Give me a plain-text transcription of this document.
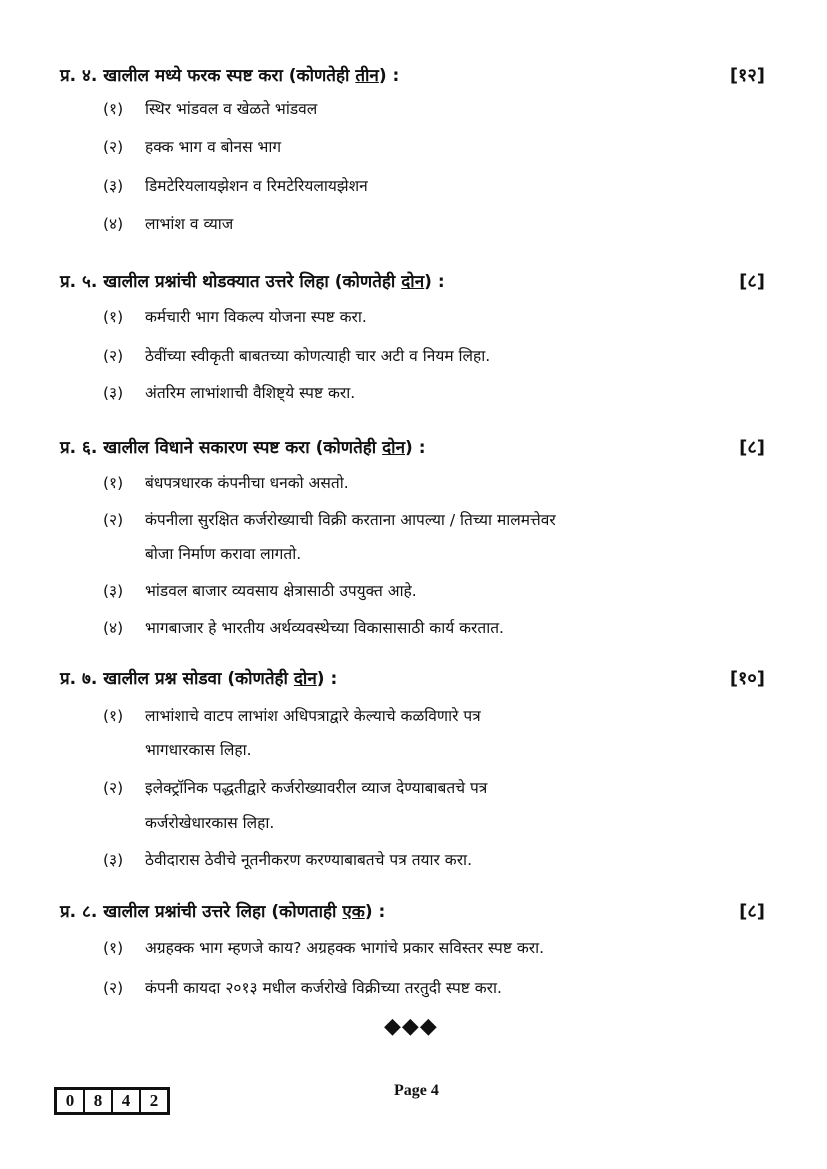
प्र. ४. खालील मध्ये फरक स्पष्ट करा (कोणतेही तीन) :	[१२]
(१)	स्थिर भांडवल व खेळते भांडवल
(२)	हक्क भाग व बोनस भाग
(३)	डिमटेरियलायझेशन व रिमटेरियलायझेशन
(४)	लाभांश व व्याज
प्र. ५. खालील प्रश्नांची थोडक्यात उत्तरे लिहा (कोणतेही दोन) :	[८]
(१)	कर्मचारी भाग विकल्प योजना स्पष्ट करा.
(२)	ठेवींच्या स्वीकृती बाबतच्या कोणत्याही चार अटी व नियम लिहा.
(३)	अंतरिम लाभांशाची वैशिष्ट्ये स्पष्ट करा.
प्र. ६. खालील विधाने सकारण स्पष्ट करा (कोणतेही दोन) :	[८]
(१)	बंधपत्रधारक कंपनीचा धनको असतो.
(२)	कंपनीला सुरक्षित कर्जरोख्याची विक्री करताना आपल्या / तिच्या मालमत्तेवर
बोजा निर्माण करावा लागतो.
(३)	भांडवल बाजार व्यवसाय क्षेत्रासाठी उपयुक्त आहे.
(४)	भागबाजार हे भारतीय अर्थव्यवस्थेच्या विकासासाठी कार्य करतात.
प्र. ७. खालील प्रश्न सोडवा (कोणतेही दोन) :	[१०]
(१)	लाभांशाचे वाटप लाभांश अधिपत्राद्वारे केल्याचे कळविणारे पत्र
भागधारकास लिहा.
(२)	इलेक्ट्रॉनिक पद्धतीद्वारे कर्जरोख्यावरील व्याज देण्याबाबतचे पत्र
कर्जरोखेधारकास लिहा.
(३)	ठेवीदारास ठेवीचे नूतनीकरण करण्याबाबतचे पत्र तयार करा.
प्र. ८. खालील प्रश्नांची उत्तरे लिहा (कोणताही एक) :	[८]
(१)	अग्रहक्क भाग म्हणजे काय? अग्रहक्क भागांचे प्रकार सविस्तर स्पष्ट करा.
(२)	कंपनी कायदा २०१३ मधील कर्जरोखे विक्रीच्या तरतुदी स्पष्ट करा.
◆◆◆
0	8	4	2
Page 4
